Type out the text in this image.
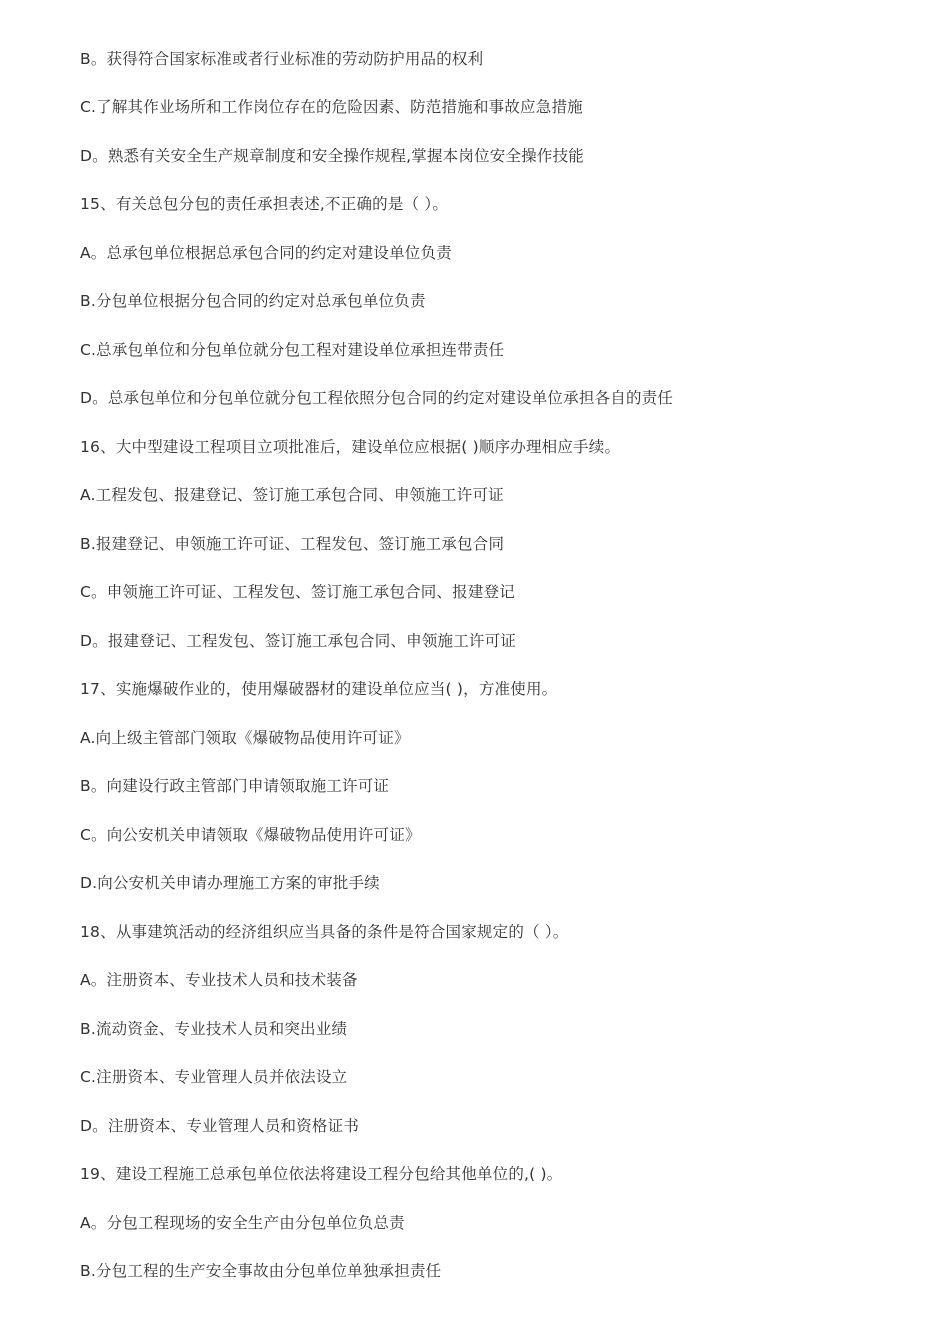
B。获得符合国家标准或者行业标准的劳动防护用品的权利
C.了解其作业场所和工作岗位存在的危险因素、防范措施和事故应急措施
D。熟悉有关安全生产规章制度和安全操作规程,掌握本岗位安全操作技能
15、有关总包分包的责任承担表述,不正确的是（ ）。
A。总承包单位根据总承包合同的约定对建设单位负责
B.分包单位根据分包合同的约定对总承包单位负责
C.总承包单位和分包单位就分包工程对建设单位承担连带责任
D。总承包单位和分包单位就分包工程依照分包合同的约定对建设单位承担各自的责任
16、大中型建设工程项目立项批准后，建设单位应根据( )顺序办理相应手续。
A.工程发包、报建登记、签订施工承包合同、申领施工许可证
B.报建登记、申领施工许可证、工程发包、签订施工承包合同
C。申领施工许可证、工程发包、签订施工承包合同、报建登记
D。报建登记、工程发包、签订施工承包合同、申领施工许可证
17、实施爆破作业的，使用爆破器材的建设单位应当( )，方准使用。
A.向上级主管部门领取《爆破物品使用许可证》
B。向建设行政主管部门申请领取施工许可证
C。向公安机关申请领取《爆破物品使用许可证》
D.向公安机关申请办理施工方案的审批手续
18、从事建筑活动的经济组织应当具备的条件是符合国家规定的（ ）。
A。注册资本、专业技术人员和技术装备
B.流动资金、专业技术人员和突出业绩
C.注册资本、专业管理人员并依法设立
D。注册资本、专业管理人员和资格证书
19、建设工程施工总承包单位依法将建设工程分包给其他单位的,( )。
A。分包工程现场的安全生产由分包单位负总责
B.分包工程的生产安全事故由分包单位单独承担责任
